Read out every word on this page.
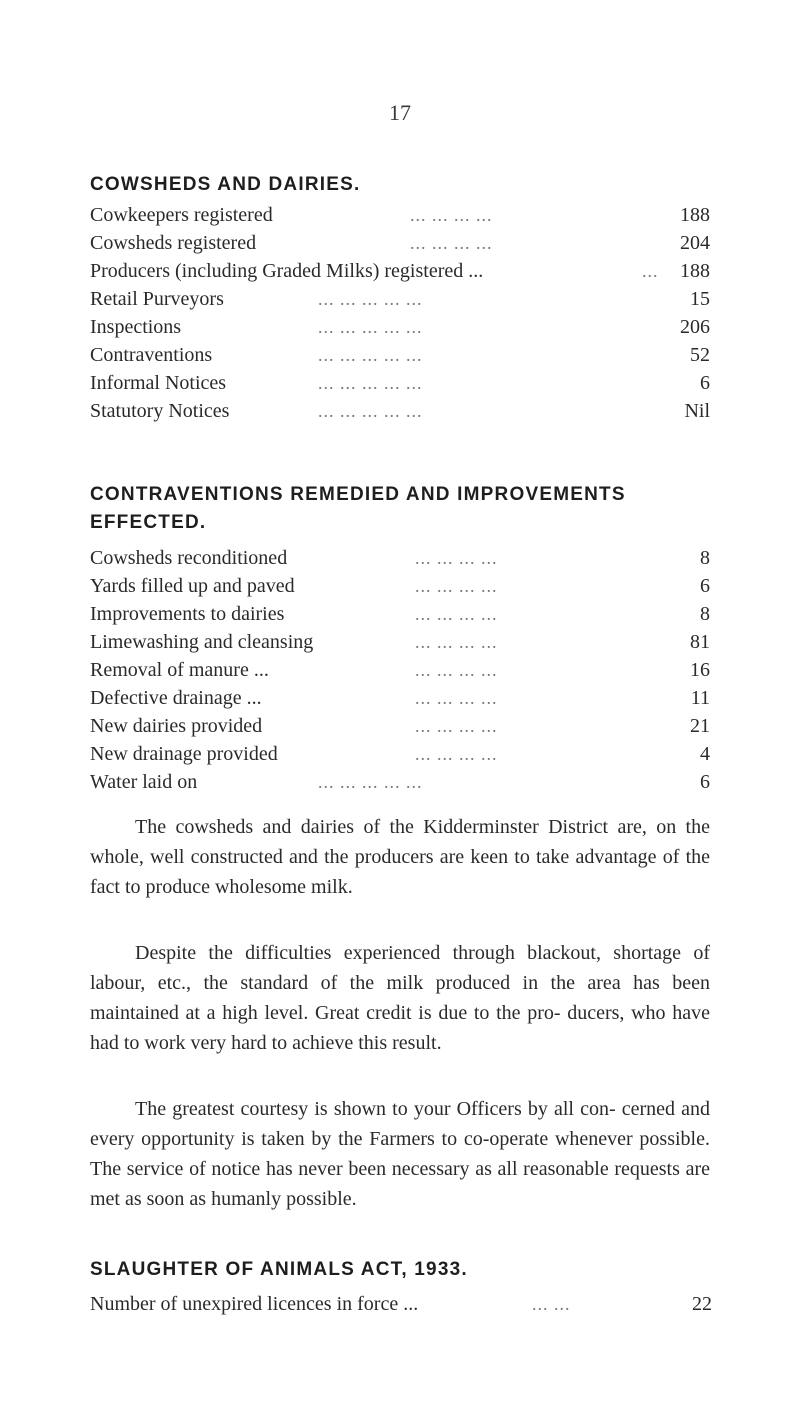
17
COWSHEDS AND DAIRIES.
Cowkeepers registered	... ... ... ...	188
Cowsheds registered	... ... ... ...	204
Producers (including Graded Milks) registered ...	... 188
Retail Purveyors	... ... ... ... ...	15
Inspections	... ... ... ... ...	206
Contraventions	... ... ... ... ...	52
Informal Notices	... ... ... ... ...	6
Statutory Notices	... ... ... ... ...	Nil
CONTRAVENTIONS REMEDIED AND IMPROVEMENTS
EFFECTED.
Cowsheds reconditioned	... ... ... ...	8
Yards filled up and paved	... ... ... ...	6
Improvements to dairies	... ... ... ...	8
Limewashing and cleansing	... ... ... ...	81
Removal of manure ...	... ... ... ...	16
Defective drainage ...	... ... ... ...	11
New dairies provided	... ... ... ...	21
New drainage provided	... ... ... ...	4
Water laid on	... ... ... ... ...	6
The cowsheds and dairies of the Kidderminster District are, on the whole, well constructed and the producers are keen to take advantage of the fact to produce wholesome milk.
Despite the difficulties experienced through blackout, shortage of labour, etc., the standard of the milk produced in the area has been maintained at a high level. Great credit is due to the pro- ducers, who have had to work very hard to achieve this result.
The greatest courtesy is shown to your Officers by all con- cerned and every opportunity is taken by the Farmers to co-operate whenever possible. The service of notice has never been necessary as all reasonable requests are met as soon as humanly possible.
SLAUGHTER OF ANIMALS ACT, 1933.
Number of unexpired licences in force ...	... ...	22
